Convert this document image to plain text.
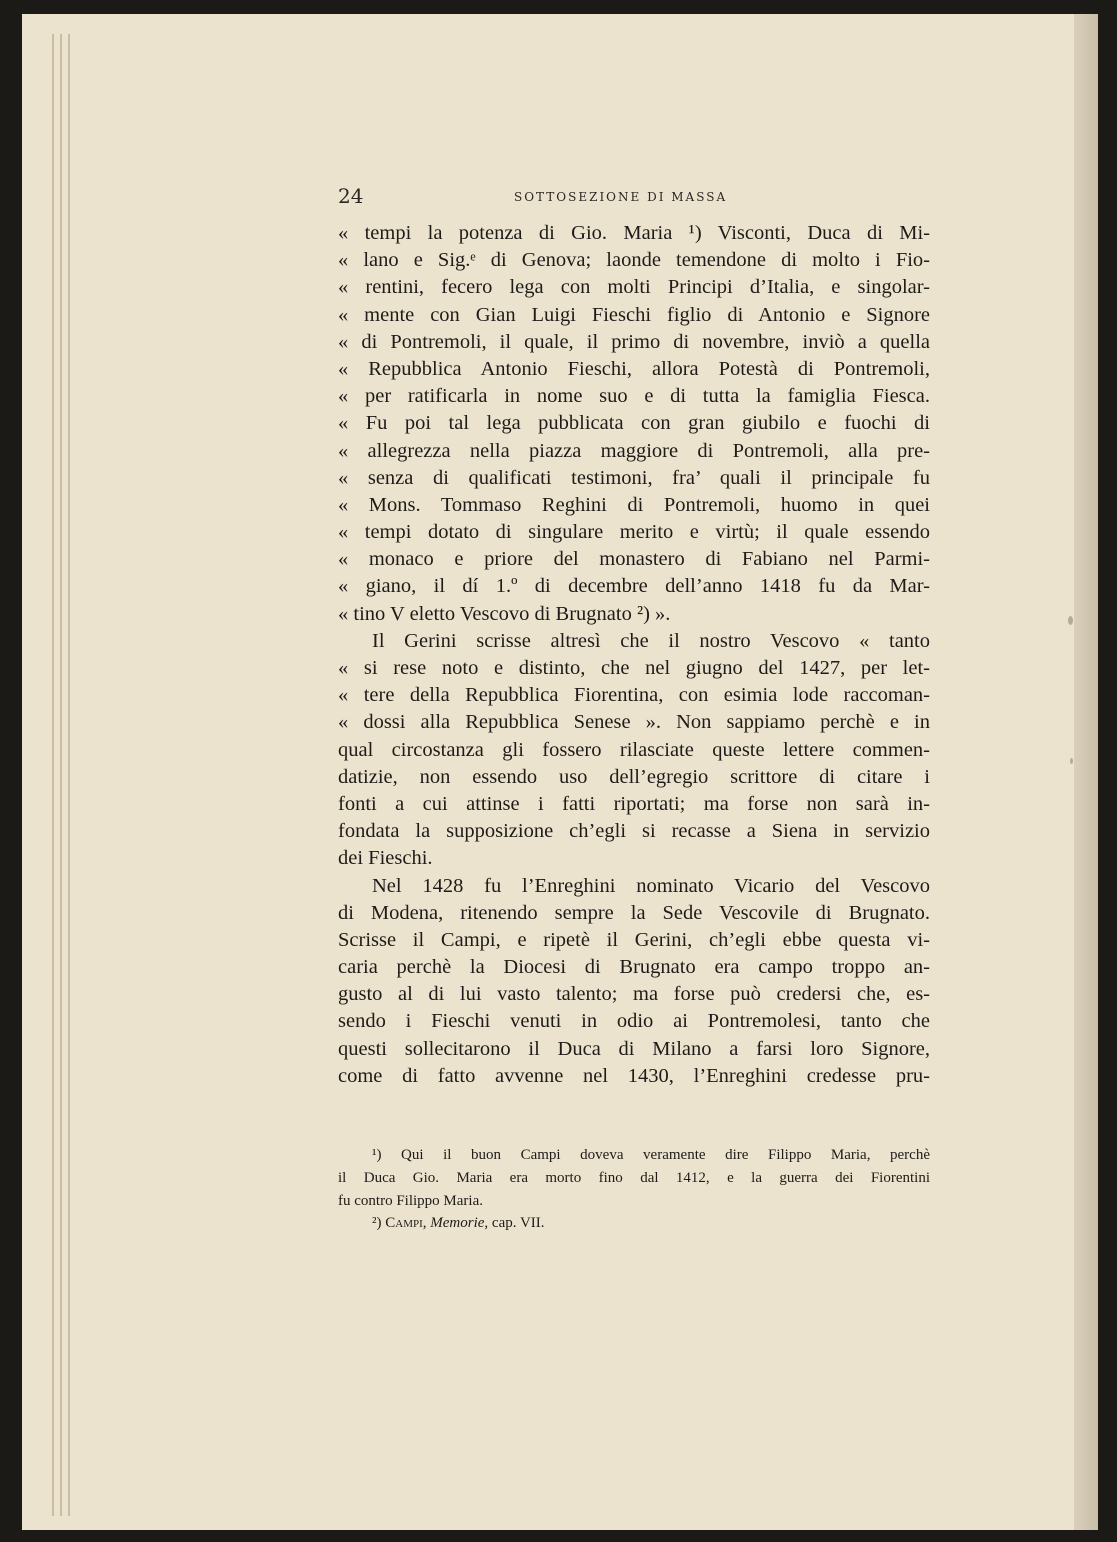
24	SOTTOSEZIONE DI MASSA
« tempi la potenza di Gio. Maria ¹) Visconti, Duca di Mi-
« lano e Sig.ᵉ di Genova; laonde temendone di molto i Fio-
« rentini, fecero lega con molti Principi d’Italia, e singolar-
« mente con Gian Luigi Fieschi figlio di Antonio e Signore
« di Pontremoli, il quale, il primo di novembre, inviò a quella
« Repubblica Antonio Fieschi, allora Potestà di Pontremoli,
« per ratificarla in nome suo e di tutta la famiglia Fiesca.
« Fu poi tal lega pubblicata con gran giubilo e fuochi di
« allegrezza nella piazza maggiore di Pontremoli, alla pre-
« senza di qualificati testimoni, fra’ quali il principale fu
« Mons. Tommaso Reghini di Pontremoli, huomo in quei
« tempi dotato di singulare merito e virtù; il quale essendo
« monaco e priore del monastero di Fabiano nel Parmi-
« giano, il dí 1.º di decembre dell’anno 1418 fu da Mar-
« tino V eletto Vescovo di Brugnato ²) ».
Il Gerini scrisse altresì che il nostro Vescovo « tanto
« si rese noto e distinto, che nel giugno del 1427, per let-
« tere della Repubblica Fiorentina, con esimia lode raccoman-
« dossi alla Repubblica Senese ». Non sappiamo perchè e in
qual circostanza gli fossero rilasciate queste lettere commen-
datizie, non essendo uso dell’egregio scrittore di citare i
fonti a cui attinse i fatti riportati; ma forse non sarà in-
fondata la supposizione ch’egli si recasse a Siena in servizio
dei Fieschi.
Nel 1428 fu l’Enreghini nominato Vicario del Vescovo
di Modena, ritenendo sempre la Sede Vescovile di Brugnato.
Scrisse il Campi, e ripetè il Gerini, ch’egli ebbe questa vi-
caria perchè la Diocesi di Brugnato era campo troppo an-
gusto al di lui vasto talento; ma forse può credersi che, es-
sendo i Fieschi venuti in odio ai Pontremolesi, tanto che
questi sollecitarono il Duca di Milano a farsi loro Signore,
come di fatto avvenne nel 1430, l’Enreghini credesse pru-
¹) Qui il buon Campi doveva veramente dire Filippo Maria, perchè
il Duca Gio. Maria era morto fino dal 1412, e la guerra dei Fiorentini
fu contro Filippo Maria.
²) Campi, Memorie, cap. VII.
